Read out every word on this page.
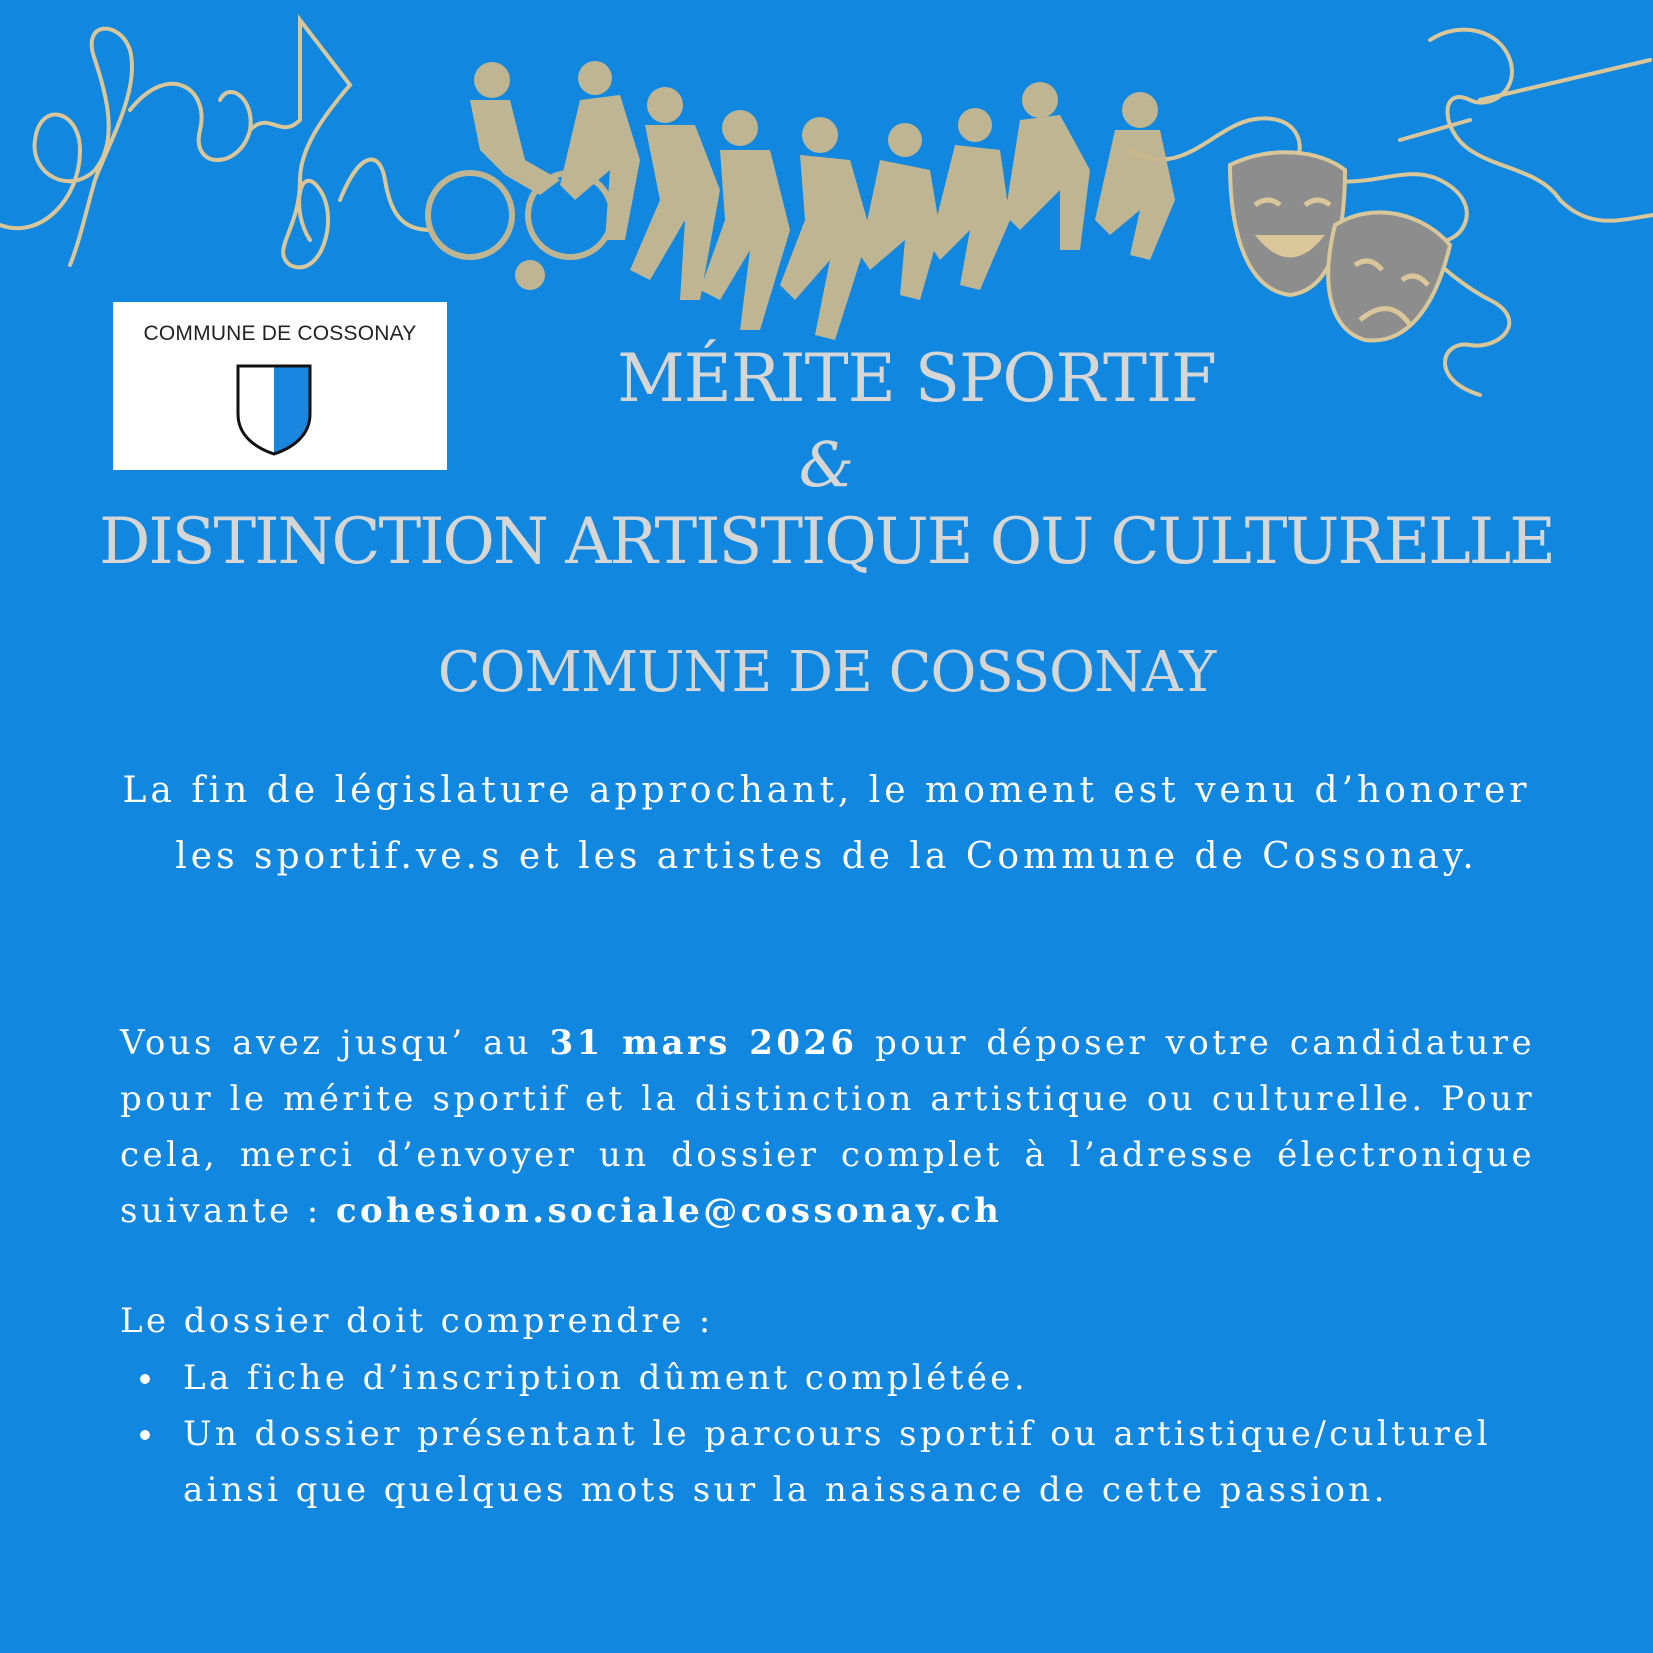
COMMUNE DE COSSONAY
MÉRITE SPORTIF
&
DISTINCTION ARTISTIQUE OU CULTURELLE
COMMUNE DE COSSONAY

La fin de législature approchant, le moment est venu d’honorer les sportif.ve.s et les artistes de la Commune de Cossonay.

Vous avez jusqu’ au 31 mars 2026 pour déposer votre candidature pour le mérite sportif et la distinction artistique ou culturelle. Pour cela, merci d’envoyer un dossier complet à l’adresse électronique suivante : cohesion.sociale@cossonay.ch

Le dossier doit comprendre :

La fiche d’inscription dûment complétée.
Un dossier présentant le parcours sportif ou artistique/culturel ainsi que quelques mots sur la naissance de cette passion.
